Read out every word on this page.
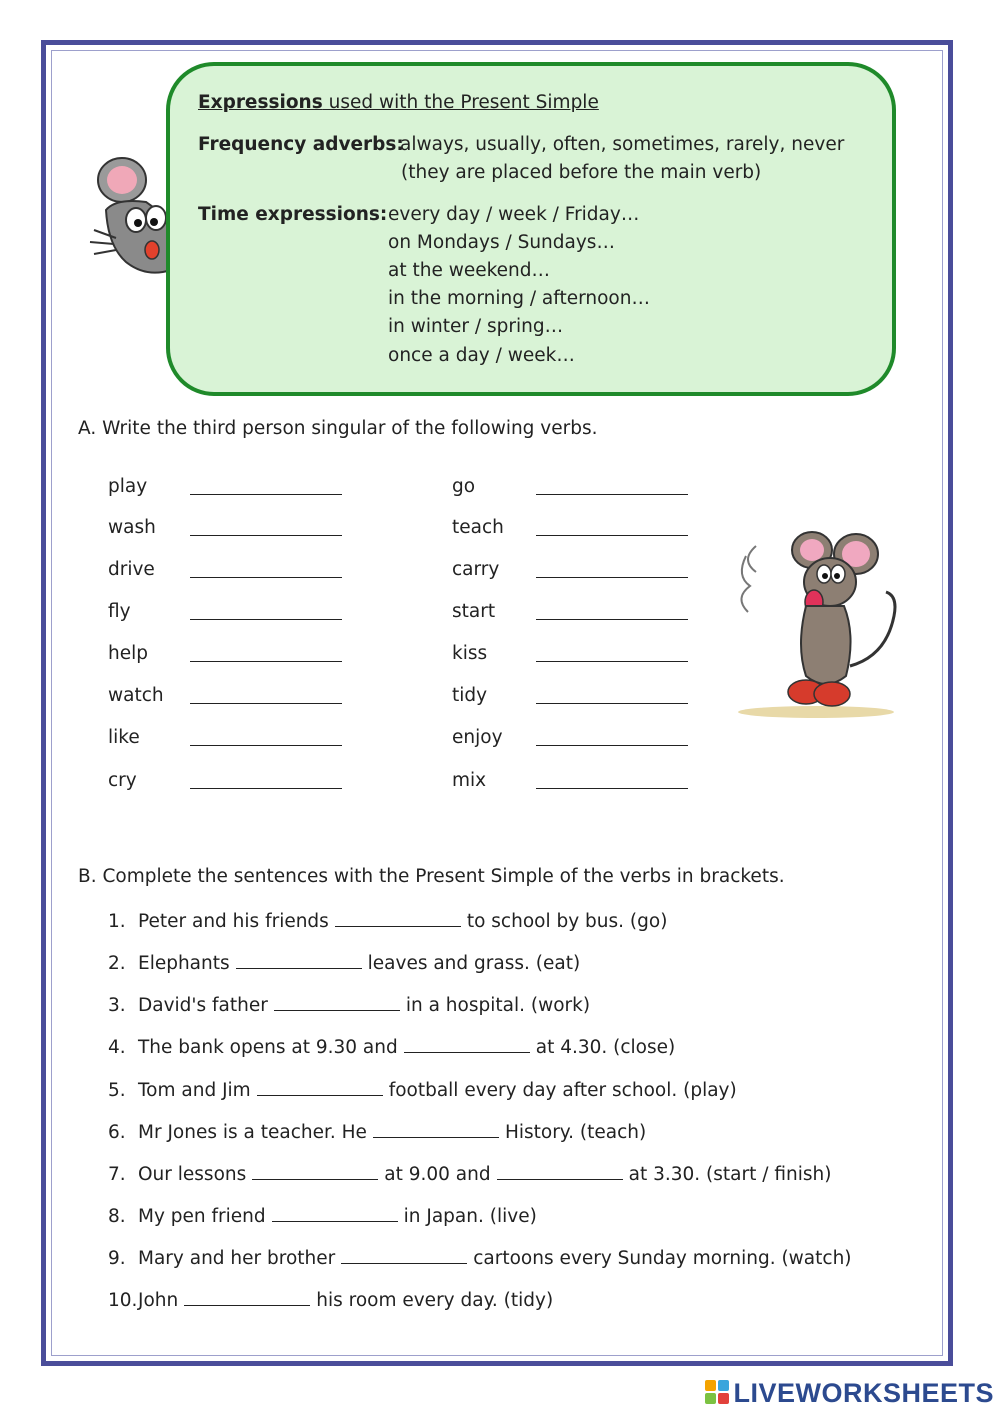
Expressions used with the Present Simple
Frequency adverbs:
always, usually, often, sometimes, rarely, never
(they are placed before the main verb)
Time expressions: every day / week / Friday…
on Mondays / Sundays…
at the weekend…
in the morning / afternoon…
in winter / spring…
once a day / week…
A. Write the third person singular of the following verbs.
play
wash
drive
fly
help
watch
like
cry
go
teach
carry
start
kiss
tidy
enjoy
mix
B. Complete the sentences with the Present Simple of the verbs in brackets.
1. Peter and his friends	to school by bus. (go)
2. Elephants	leaves and grass. (eat)
3. David's father	in a hospital. (work)
4. The bank opens at 9.30 and	at 4.30. (close)
5. Tom and Jim	football every day after school. (play)
6. Mr Jones is a teacher. He	History. (teach)
7. Our lessons	at 9.00 and	at 3.30. (start / finish)
8. My pen friend	in Japan. (live)
9. Mary and her brother	cartoons every Sunday morning. (watch)
10.John	his room every day. (tidy)
LIVEWORKSHEETS
